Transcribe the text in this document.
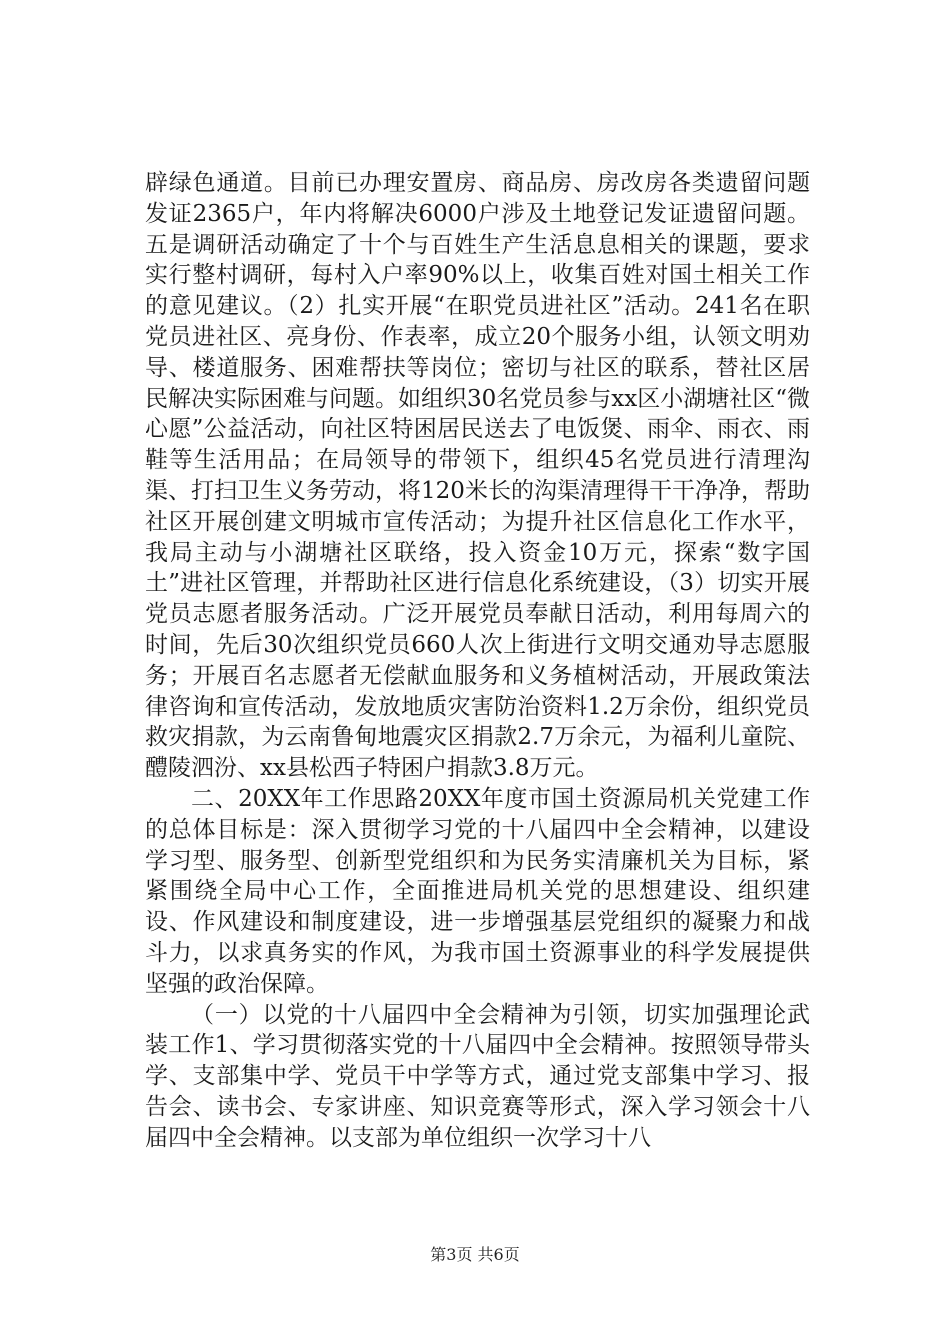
辟绿色通道。目前已办理安置房、商品房、房改房各类遗留问题发证2365户，年内将解决6000户涉及土地登记发证遗留问题。五是调研活动确定了十个与百姓生产生活息息相关的课题，要求实行整村调研，每村入户率90%以上，收集百姓对国土相关工作的意见建议。（2）扎实开展“在职党员进社区”活动。241名在职党员进社区、亮身份、作表率，成立20个服务小组，认领文明劝导、楼道服务、困难帮扶等岗位；密切与社区的联系，替社区居民解决实际困难与问题。如组织30名党员参与xx区小湖塘社区“微心愿”公益活动，向社区特困居民送去了电饭煲、雨伞、雨衣、雨鞋等生活用品；在局领导的带领下，组织45名党员进行清理沟渠、打扫卫生义务劳动，将120米长的沟渠清理得干干净净，帮助社区开展创建文明城市宣传活动；为提升社区信息化工作水平，我局主动与小湖塘社区联络，投入资金10万元，探索“数字国土”进社区管理，并帮助社区进行信息化系统建设，（3）切实开展党员志愿者服务活动。广泛开展党员奉献日活动，利用每周六的时间，先后30次组织党员660人次上街进行文明交通劝导志愿服务；开展百名志愿者无偿献血服务和义务植树活动，开展政策法律咨询和宣传活动，发放地质灾害防治资料1.2万余份，组织党员救灾捐款，为云南鲁甸地震灾区捐款2.7万余元，为福利儿童院、醴陵泗汾、xx县松西子特困户捐款3.8万元。

二、20XX年工作思路20XX年度市国土资源局机关党建工作的总体目标是：深入贯彻学习党的十八届四中全会精神，以建设学习型、服务型、创新型党组织和为民务实清廉机关为目标，紧紧围绕全局中心工作，全面推进局机关党的思想建设、组织建设、作风建设和制度建设，进一步增强基层党组织的凝聚力和战斗力，以求真务实的作风，为我市国土资源事业的科学发展提供坚强的政治保障。

（一）以党的十八届四中全会精神为引领，切实加强理论武装工作1、学习贯彻落实党的十八届四中全会精神。按照领导带头学、支部集中学、党员干中学等方式，通过党支部集中学习、报告会、读书会、专家讲座、知识竞赛等形式，深入学习领会十八届四中全会精神。以支部为单位组织一次学习十八

第3页 共6页
